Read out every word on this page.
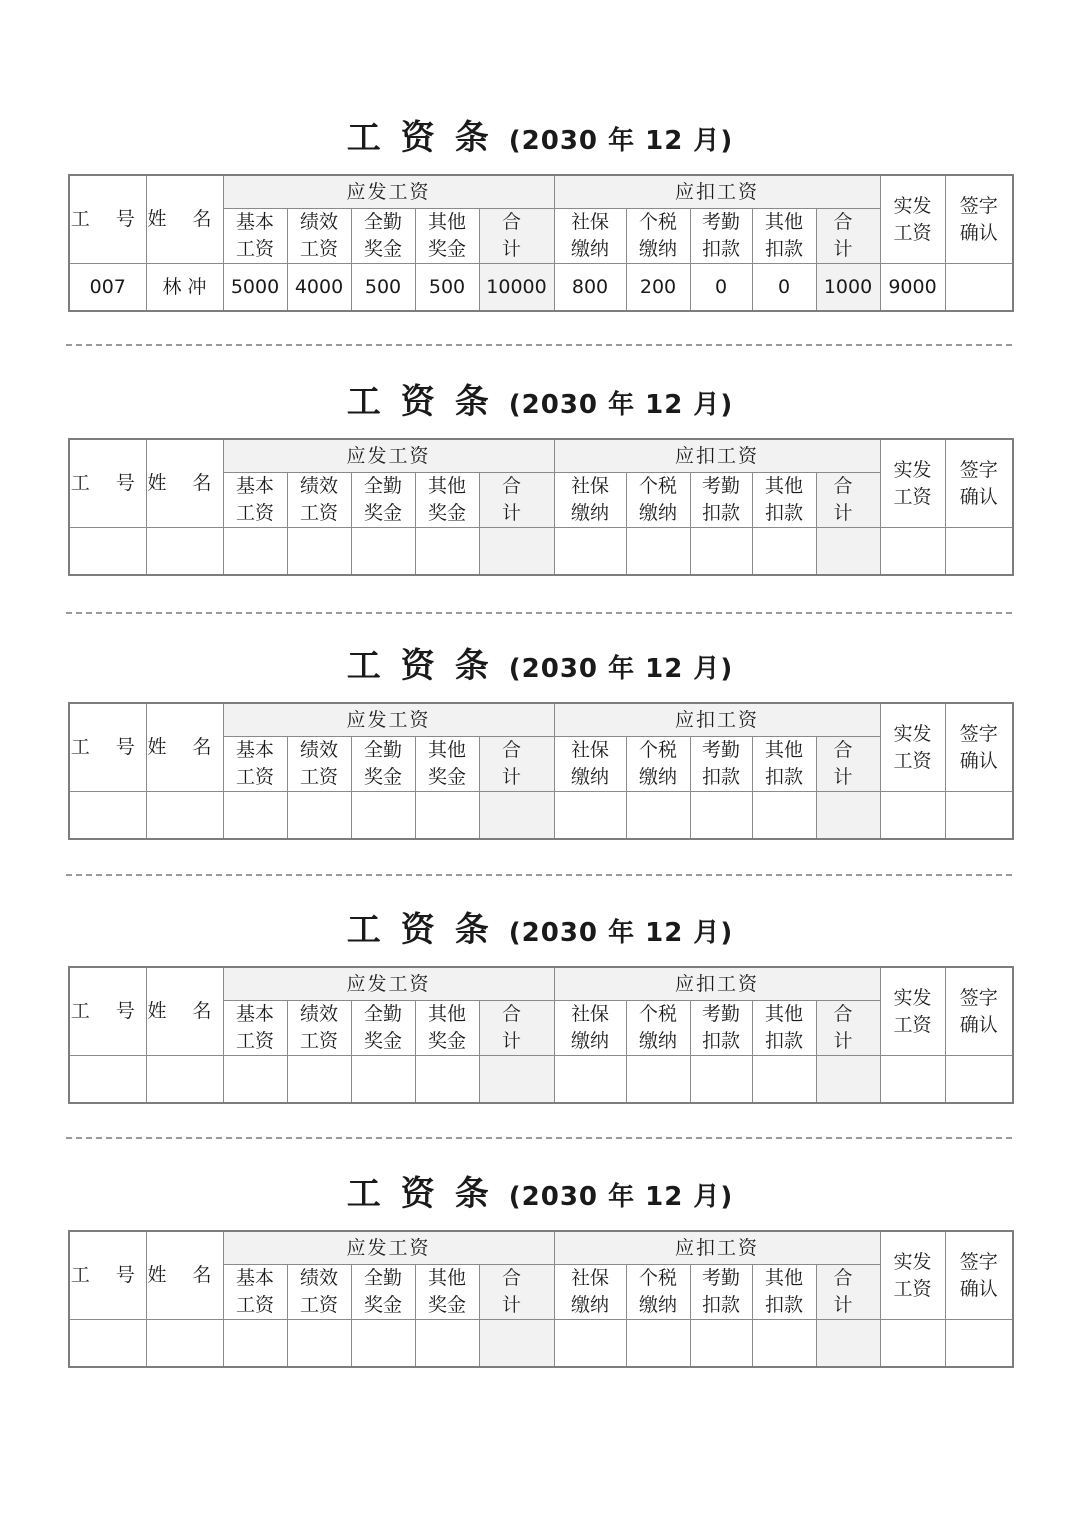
工资条(2030 年 12 月)
工 号	姓 名	应发工资					应扣工资					实发工资	签字确认
		基本工资	绩效工资	全勤奖金	其他奖金	合 计	社保缴纳	个税缴纳	考勤扣款	其他扣款	合 计		
007	林 冲	5000	4000	500	500	10000	800	200	0	0	1000	9000	
工资条(2030 年 12 月)
工 号	姓 名	应发工资					应扣工资					实发工资	签字确认
		基本工资	绩效工资	全勤奖金	其他奖金	合 计	社保缴纳	个税缴纳	考勤扣款	其他扣款	合 计		

工资条(2030 年 12 月)
工 号	姓 名	应发工资					应扣工资					实发工资	签字确认
		基本工资	绩效工资	全勤奖金	其他奖金	合 计	社保缴纳	个税缴纳	考勤扣款	其他扣款	合 计		

工资条(2030 年 12 月)
工 号	姓 名	应发工资					应扣工资					实发工资	签字确认
		基本工资	绩效工资	全勤奖金	其他奖金	合 计	社保缴纳	个税缴纳	考勤扣款	其他扣款	合 计		

工资条(2030 年 12 月)
工 号	姓 名	应发工资					应扣工资					实发工资	签字确认
		基本工资	绩效工资	全勤奖金	其他奖金	合 计	社保缴纳	个税缴纳	考勤扣款	其他扣款	合 计		
